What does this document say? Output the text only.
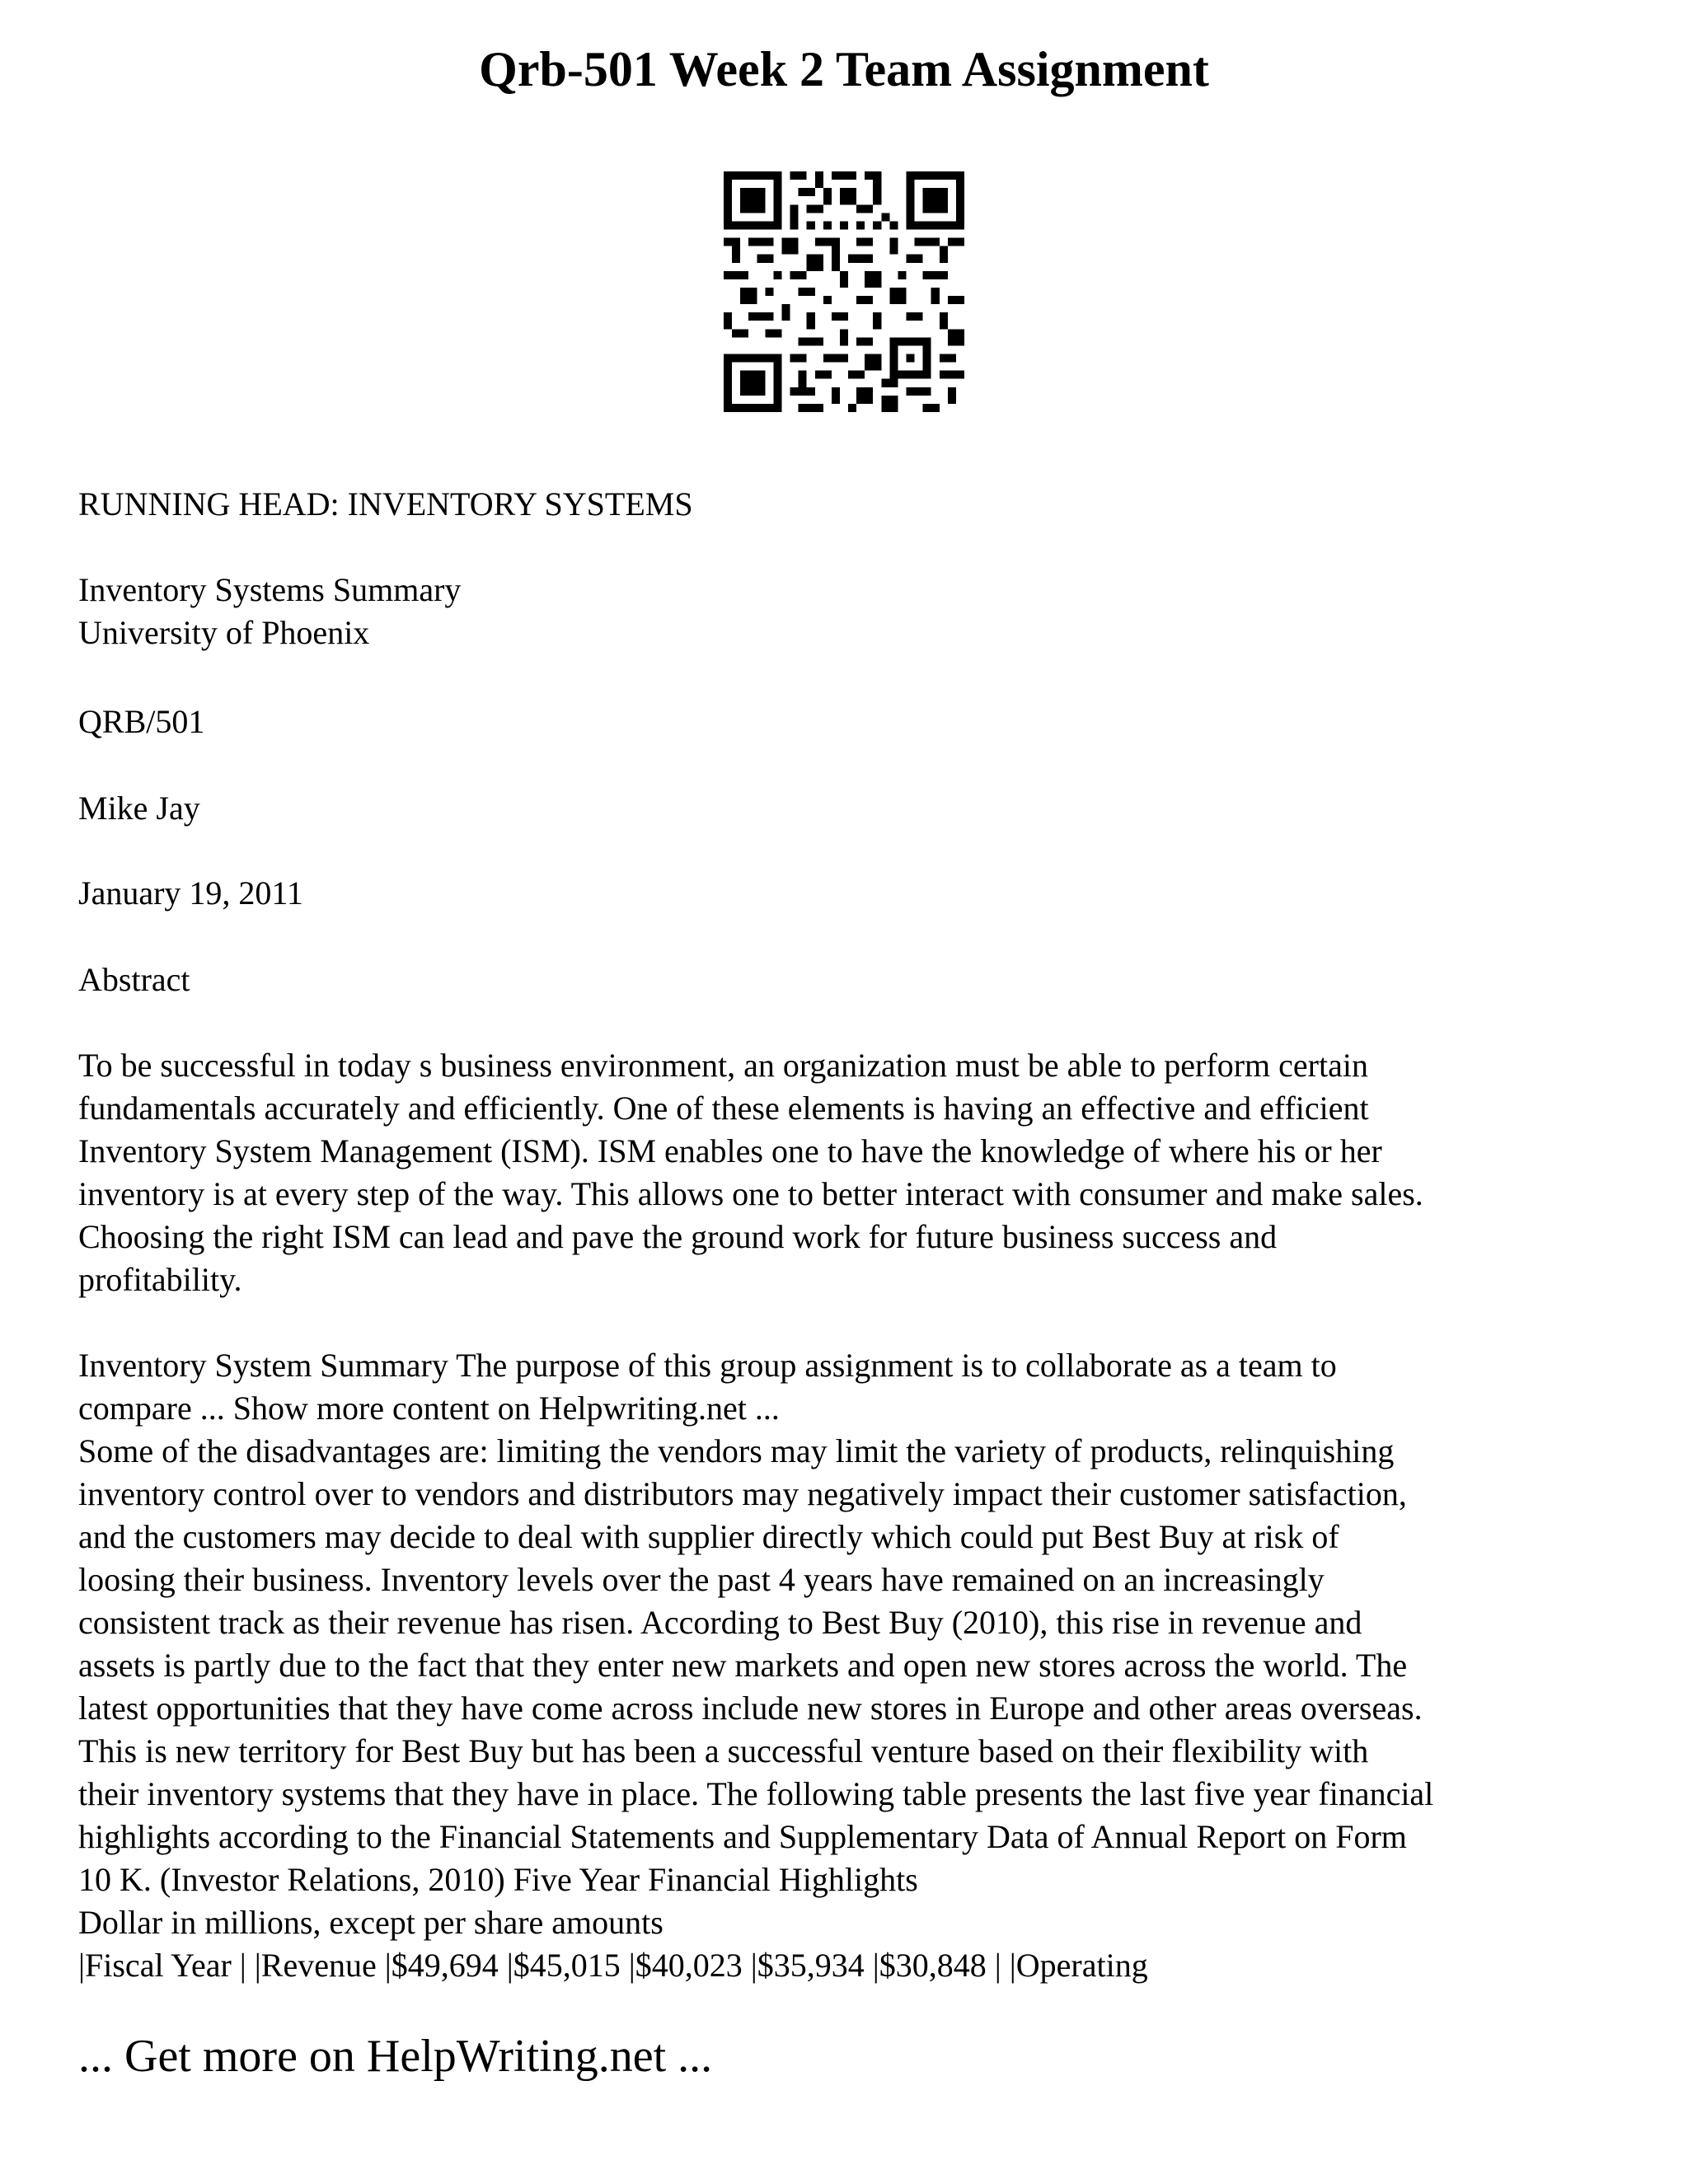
Qrb-501 Week 2 Team Assignment
RUNNING HEAD: INVENTORY SYSTEMS
Inventory Systems Summary
University of Phoenix
QRB/501
Mike Jay
January 19, 2011
Abstract
To be successful in today s business environment, an organization must be able to perform certain
fundamentals accurately and efficiently. One of these elements is having an effective and efficient
Inventory System Management (ISM). ISM enables one to have the knowledge of where his or her
inventory is at every step of the way. This allows one to better interact with consumer and make sales.
Choosing the right ISM can lead and pave the ground work for future business success and
profitability.

Inventory System Summary The purpose of this group assignment is to collaborate as a team to
compare ... Show more content on Helpwriting.net ...
Some of the disadvantages are: limiting the vendors may limit the variety of products, relinquishing
inventory control over to vendors and distributors may negatively impact their customer satisfaction,
and the customers may decide to deal with supplier directly which could put Best Buy at risk of
loosing their business. Inventory levels over the past 4 years have remained on an increasingly
consistent track as their revenue has risen. According to Best Buy (2010), this rise in revenue and
assets is partly due to the fact that they enter new markets and open new stores across the world. The
latest opportunities that they have come across include new stores in Europe and other areas overseas.
This is new territory for Best Buy but has been a successful venture based on their flexibility with
their inventory systems that they have in place. The following table presents the last five year financial
highlights according to the Financial Statements and Supplementary Data of Annual Report on Form
10 K. (Investor Relations, 2010) Five Year Financial Highlights
Dollar in millions, except per share amounts
|Fiscal Year | |Revenue |$49,694 |$45,015 |$40,023 |$35,934 |$30,848 | |Operating
... Get more on HelpWriting.net ...
